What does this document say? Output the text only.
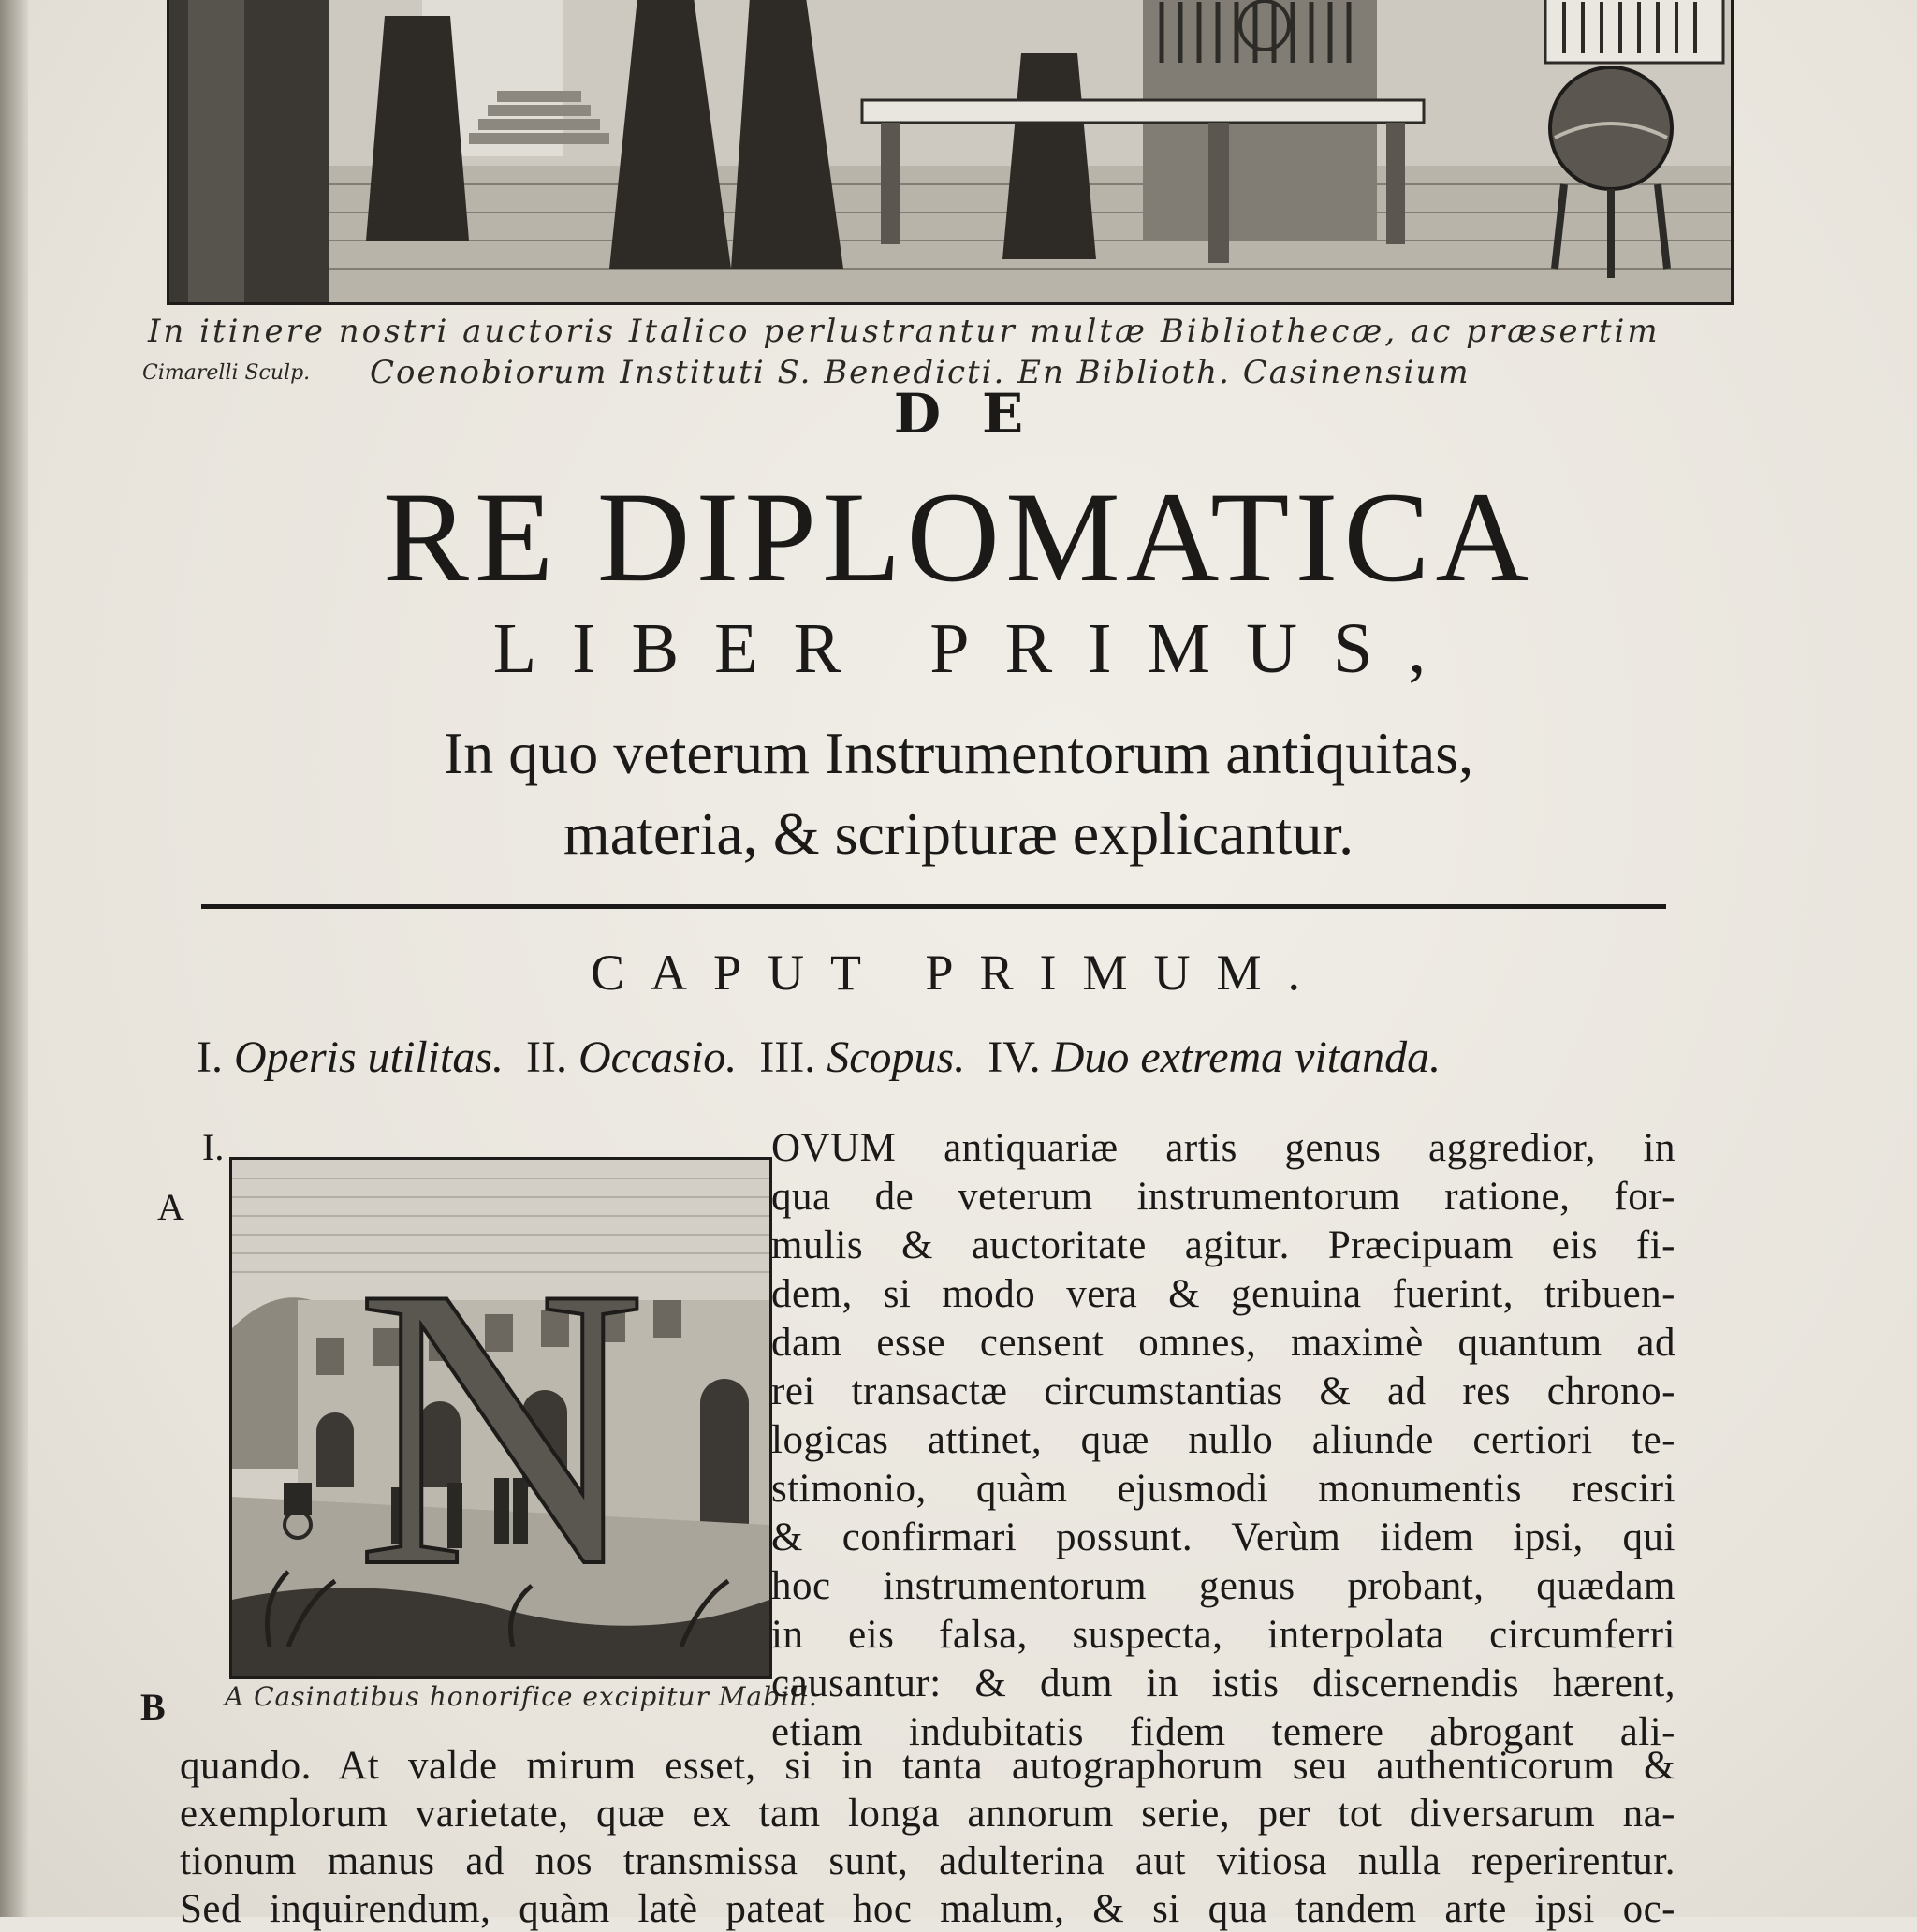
In itinere nostri auctoris Italico perlustrantur multæ Bibliothecæ, ac præsertim
Cimarelli Sculp. Coenobiorum Instituti S. Benedicti. En Biblioth. Casinensium
DE
RE DIPLOMATICA
LIBER PRIMUS,
In quo veterum Instrumentorum antiquitas,
materia, & scripturæ explicantur.
CAPUT PRIMUM.
I. Operis utilitas. II. Occasio. III. Scopus. IV. Duo extrema vitanda.
I.
A
B
N
A Casinatibus honorifice excipitur Mabill.
OVUM antiquariæ artis genus aggredior, in
qua de veterum instrumentorum ratione, for-
mulis & auctoritate agitur. Præcipuam eis fi-
dem, si modo vera & genuina fuerint, tribuen-
dam esse censent omnes, maximè quantum ad
rei transactæ circumstantias & ad res chrono-
logicas attinet, quæ nullo aliunde certiori te-
stimonio, quàm ejusmodi monumentis resciri
& confirmari possunt. Verùm iidem ipsi, qui
hoc instrumentorum genus probant, quædam
in eis falsa, suspecta, interpolata circumferri
causantur: & dum in istis discernendis hærent,
etiam indubitatis fidem temere abrogant ali-
quando. At valde mirum esset, si in tanta autographorum seu authenticorum &
exemplorum varietate, quæ ex tam longa annorum serie, per tot diversarum na-
tionum manus ad nos transmissa sunt, adulterina aut vitiosa nulla reperirentur.
Sed inquirendum, quàm latè pateat hoc malum, & si qua tandem arte ipsi oc-
